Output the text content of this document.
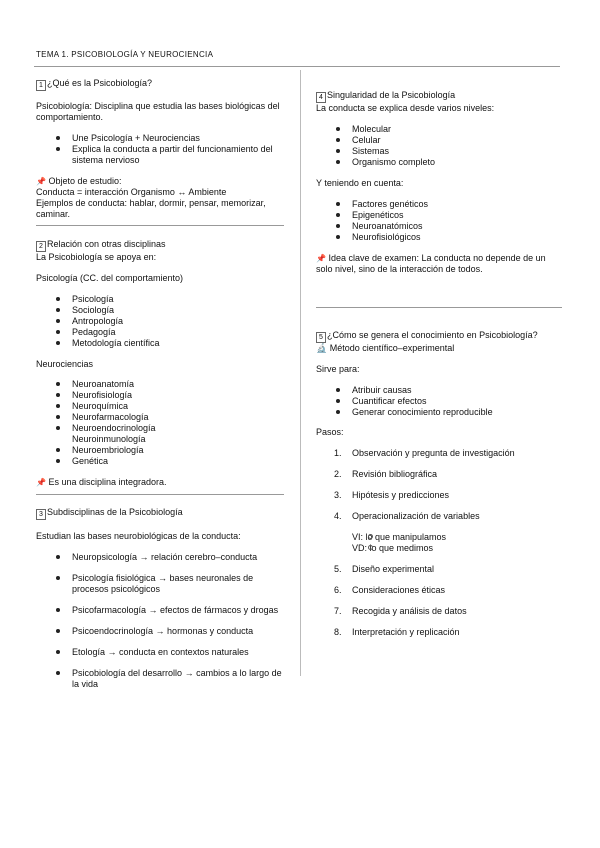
TEMA 1. PSICOBIOLOGÍA Y NEUROCIENCIA

1 ¿Qué es la Psicobiología?

Psicobiología: Disciplina que estudia las bases biológicas del comportamiento.

Une Psicología + Neurociencias
Explica la conducta a partir del funcionamiento del sistema nervioso

📌 Objeto de estudio:

Conducta = interacción Organismo ↔ Ambiente

Ejemplos de conducta: hablar, dormir, pensar, memorizar, caminar.

2 Relación con otras disciplinas

La Psicobiología se apoya en:

Psicología (CC. del comportamiento)

Psicología
Sociología
Antropología
Pedagogía
Metodología científica

Neurociencias

Neuroanatomía
Neurofisiología
Neuroquímica
Neurofarmacología
Neuroendocrinología Neuroinmunología
Neuroembriología
Genética

📌 Es una disciplina integradora.

3 Subdisciplinas de la Psicobiología

Estudian las bases neurobiológicas de la conducta:

Neuropsicología → relación cerebro–conducta
Psicología fisiológica → bases neuronales de procesos psicológicos
Psicofarmacología → efectos de fármacos y drogas
Psicoendocrinología → hormonas y conducta
Etología → conducta en contextos naturales
Psicobiología del desarrollo → cambios a lo largo de la vida

4 Singularidad de la Psicobiología

La conducta se explica desde varios niveles:

Molecular
Celular
Sistemas
Organismo completo

Y teniendo en cuenta:

Factores genéticos
Epigenéticos
Neuroanatómicos
Neurofisiológicos

📌 Idea clave de examen: La conducta no depende de un solo nivel, sino de la interacción de todos.

5 ¿Cómo se genera el conocimiento en Psicobiología?

🔬 Método científico–experimental

Sirve para:

Atribuir causas
Cuantificar efectos
Generar conocimiento reproducible

Pasos:

1. Observación y pregunta de investigación
2. Revisión bibliográfica
3. Hipótesis y predicciones
4. Operacionalización de variables
VI: lo que manipulamos
VD: lo que medimos
5. Diseño experimental
6. Consideraciones éticas
7. Recogida y análisis de datos
8. Interpretación y replicación
